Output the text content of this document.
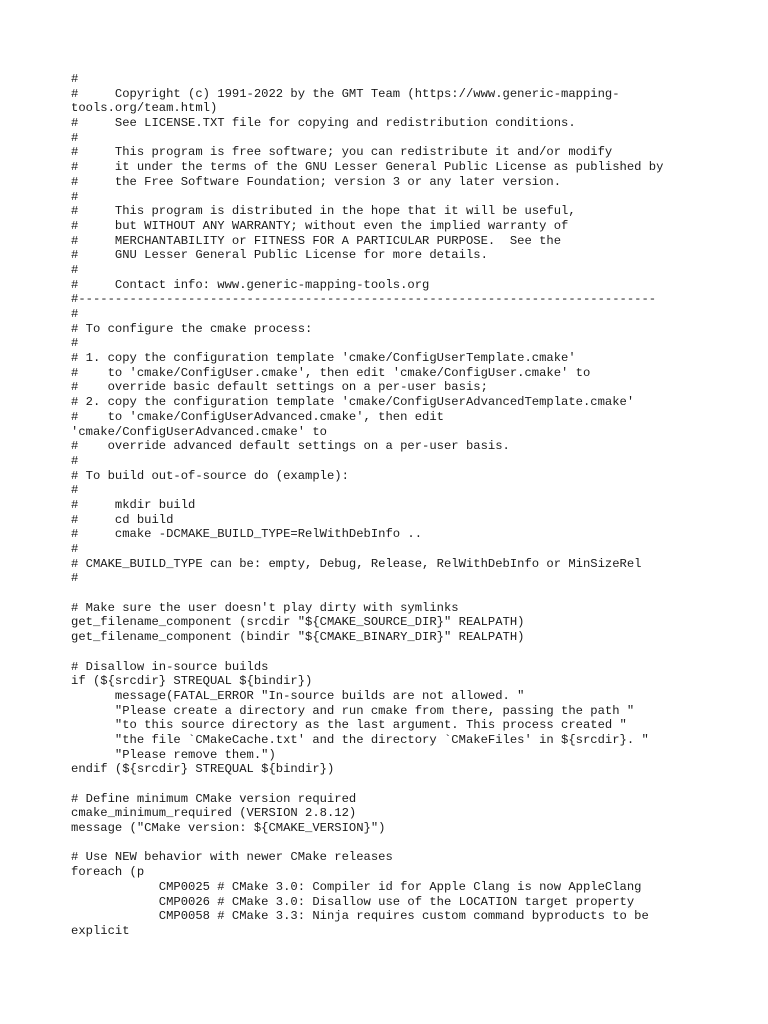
#
#     Copyright (c) 1991-2022 by the GMT Team (https://www.generic-mapping-
tools.org/team.html)
#     See LICENSE.TXT file for copying and redistribution conditions.
#
#     This program is free software; you can redistribute it and/or modify
#     it under the terms of the GNU Lesser General Public License as published by
#     the Free Software Foundation; version 3 or any later version.
#
#     This program is distributed in the hope that it will be useful,
#     but WITHOUT ANY WARRANTY; without even the implied warranty of
#     MERCHANTABILITY or FITNESS FOR A PARTICULAR PURPOSE.  See the
#     GNU Lesser General Public License for more details.
#
#     Contact info: www.generic-mapping-tools.org
#-------------------------------------------------------------------------------
#
# To configure the cmake process:
#
# 1. copy the configuration template 'cmake/ConfigUserTemplate.cmake'
#    to 'cmake/ConfigUser.cmake', then edit 'cmake/ConfigUser.cmake' to
#    override basic default settings on a per-user basis;
# 2. copy the configuration template 'cmake/ConfigUserAdvancedTemplate.cmake'
#    to 'cmake/ConfigUserAdvanced.cmake', then edit
'cmake/ConfigUserAdvanced.cmake' to
#    override advanced default settings on a per-user basis.
#
# To build out-of-source do (example):
#
#     mkdir build
#     cd build
#     cmake -DCMAKE_BUILD_TYPE=RelWithDebInfo ..
#
# CMAKE_BUILD_TYPE can be: empty, Debug, Release, RelWithDebInfo or MinSizeRel
#
# Make sure the user doesn't play dirty with symlinks
get_filename_component (srcdir "${CMAKE_SOURCE_DIR}" REALPATH)
get_filename_component (bindir "${CMAKE_BINARY_DIR}" REALPATH)
# Disallow in-source builds
if (${srcdir} STREQUAL ${bindir})
message(FATAL_ERROR "In-source builds are not allowed. "
"Please create a directory and run cmake from there, passing the path "
"to this source directory as the last argument. This process created "
"the file `CMakeCache.txt' and the directory `CMakeFiles' in ${srcdir}. "
"Please remove them.")
endif (${srcdir} STREQUAL ${bindir})
# Define minimum CMake version required
cmake_minimum_required (VERSION 2.8.12)
message ("CMake version: ${CMAKE_VERSION}")
# Use NEW behavior with newer CMake releases
foreach (p
CMP0025 # CMake 3.0: Compiler id for Apple Clang is now AppleClang
CMP0026 # CMake 3.0: Disallow use of the LOCATION target property
CMP0058 # CMake 3.3: Ninja requires custom command byproducts to be
explicit
